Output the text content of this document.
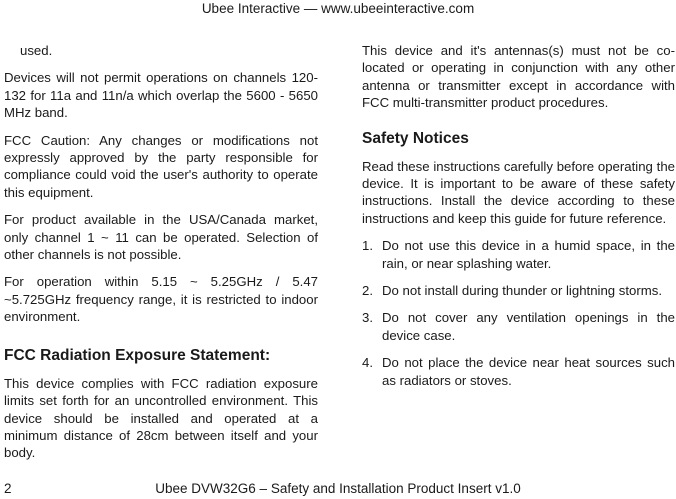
Ubee Interactive — www.ubeeinteractive.com

used.

Devices will not permit operations on channels 120-132 for 11a and 11n/a which overlap the 5600 - 5650 MHz band.

FCC Caution: Any changes or modifications not expressly approved by the party responsible for compliance could void the user's authority to operate this equipment.

For product available in the USA/Canada market, only channel 1 ~ 11 can be operated. Selection of other channels is not possible.

For operation within 5.15 ~ 5.25GHz / 5.47 ~5.725GHz frequency range, it is restricted to indoor environment.

FCC Radiation Exposure Statement:

This device complies with FCC radiation exposure limits set forth for an uncontrolled environment. This device should be installed and operated at a minimum distance of 28cm between itself and your body.

This device and it's antennas(s) must not be co-located or operating in conjunction with any other antenna or transmitter except in accordance with FCC multi-transmitter product procedures.

Safety Notices

Read these instructions carefully before operating the device. It is important to be aware of these safety instructions. Install the device according to these instructions and keep this guide for future reference.

1. Do not use this device in a humid space, in the rain, or near splashing water.
2. Do not install during thunder or lightning storms.
3. Do not cover any ventilation openings in the device case.
4. Do not place the device near heat sources such as radiators or stoves.
2	Ubee DVW32G6 – Safety and Installation Product Insert v1.0
